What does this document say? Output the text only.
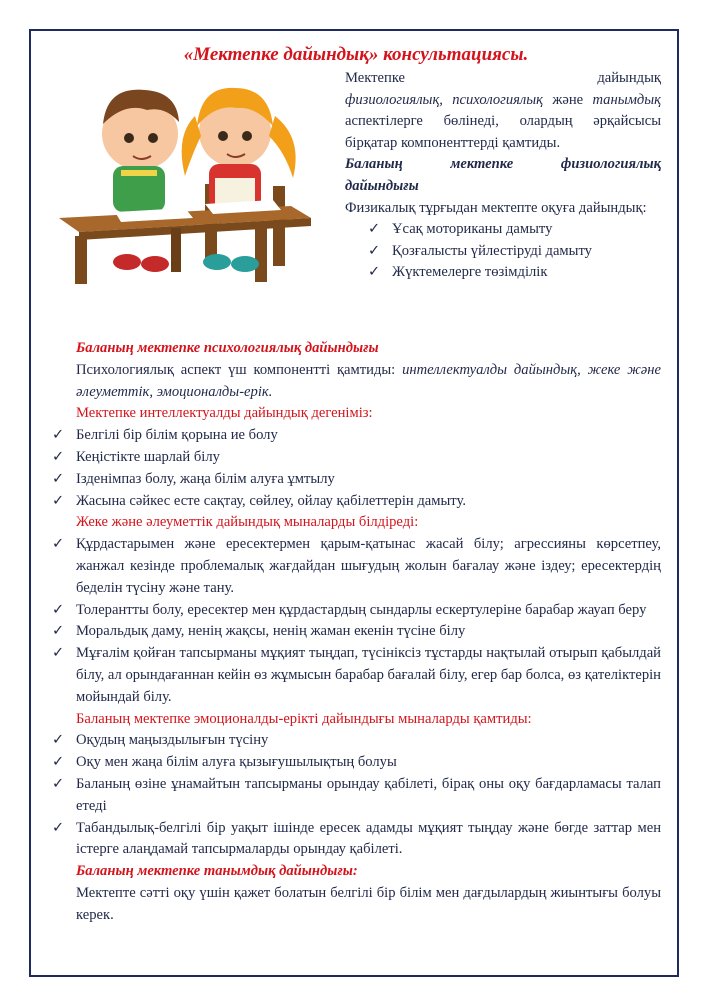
«Мектепке дайындық» консультациясы.

Мектепке дайындық

физиологиялық, психологиялық және танымдық аспектілерге бөлінеді, олардың әрқайсысы бірқатар компоненттерді қамтиды.

Баланың мектепке физиологиялық

дайындығы

Физикалық тұрғыдан мектепте оқуға дайындық:

✓ Ұсақ моториканы дамыту
✓ Қозғалысты үйлестіруді дамыту
✓ Жүктемелерге төзімділік

Баланың мектепке психологиялық дайындығы

Психологиялық аспект үш компонентті қамтиды: интеллектуалды дайындық, жеке және әлеуметтік, эмоционалды-ерік.

Мектепке интеллектуалды дайындық дегеніміз:

✓ Белгілі бір білім қорына ие болу
✓ Кеңістікте шарлай білу
✓ Ізденімпаз болу, жаңа білім алуға ұмтылу
✓ Жасына сәйкес есте сақтау, сөйлеу, ойлау қабілеттерін дамыту.

Жеке және әлеуметтік дайындық мыналарды білдіреді:

✓ Құрдастарымен және ересектермен қарым-қатынас жасай білу; агрессияны көрсетпеу, жанжал кезінде проблемалық жағдайдан шығудың жолын бағалау және іздеу; ересектердің беделін түсіну және тану.
✓ Толерантты болу, ересектер мен құрдастардың сындарлы ескертулеріне барабар жауап беру
✓ Моральдық даму, ненің жақсы, ненің жаман екенін түсіне білу
✓ Мұғалім қойған тапсырманы мұқият тыңдап, түсініксіз тұстарды нақтылай отырып қабылдай білу, ал орындағаннан кейін өз жұмысын барабар бағалай білу, егер бар болса, өз қателіктерін мойындай білу.

Баланың мектепке эмоционалды-ерікті дайындығы мыналарды қамтиды:

✓ Оқудың маңыздылығын түсіну
✓ Оқу мен жаңа білім алуға қызығушылықтың болуы
✓ Баланың өзіне ұнамайтын тапсырманы орындау қабілеті, бірақ оны оқу бағдарламасы талап етеді
✓ Табандылық-белгілі бір уақыт ішінде ересек адамды мұқият тыңдау және бөгде заттар мен істерге алаңдамай тапсырмаларды орындау қабілеті.

Баланың мектепке танымдық дайындығы:

Мектепте сәтті оқу үшін қажет болатын белгілі бір білім мен дағдылардың жиынтығы болуы керек.
